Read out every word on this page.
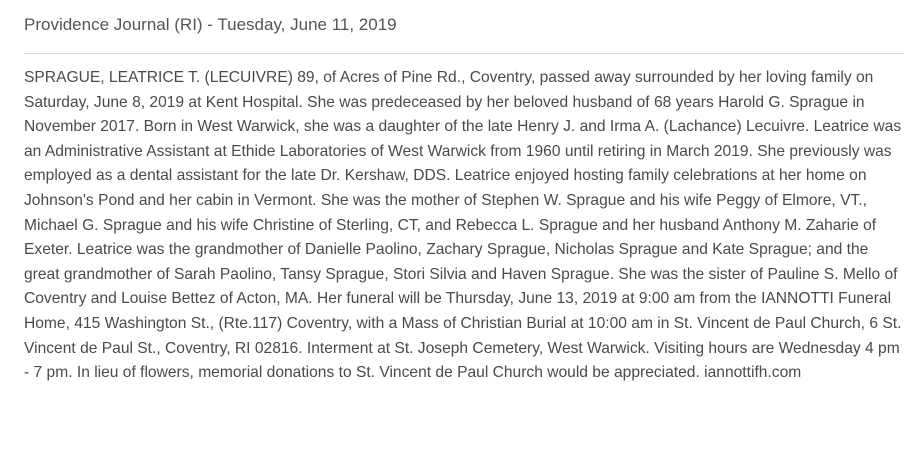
Providence Journal (RI) - Tuesday, June 11, 2019

SPRAGUE, LEATRICE T. (LECUIVRE) 89, of Acres of Pine Rd., Coventry, passed away surrounded by her loving family on Saturday, June 8, 2019 at Kent Hospital. She was predeceased by her beloved husband of 68 years Harold G. Sprague in November 2017. Born in West Warwick, she was a daughter of the late Henry J. and Irma A. (Lachance) Lecuivre. Leatrice was an Administrative Assistant at Ethide Laboratories of West Warwick from 1960 until retiring in March 2019. She previously was employed as a dental assistant for the late Dr. Kershaw, DDS. Leatrice enjoyed hosting family celebrations at her home on Johnson's Pond and her cabin in Vermont. She was the mother of Stephen W. Sprague and his wife Peggy of Elmore, VT., Michael G. Sprague and his wife Christine of Sterling, CT, and Rebecca L. Sprague and her husband Anthony M. Zaharie of Exeter. Leatrice was the grandmother of Danielle Paolino, Zachary Sprague, Nicholas Sprague and Kate Sprague; and the great grandmother of Sarah Paolino, Tansy Sprague, Stori Silvia and Haven Sprague. She was the sister of Pauline S. Mello of Coventry and Louise Bettez of Acton, MA. Her funeral will be Thursday, June 13, 2019 at 9:00 am from the IANNOTTI Funeral Home, 415 Washington St., (Rte.117) Coventry, with a Mass of Christian Burial at 10:00 am in St. Vincent de Paul Church, 6 St. Vincent de Paul St., Coventry, RI 02816. Interment at St. Joseph Cemetery, West Warwick. Visiting hours are Wednesday 4 pm - 7 pm. In lieu of flowers, memorial donations to St. Vincent de Paul Church would be appreciated. iannottifh.com
